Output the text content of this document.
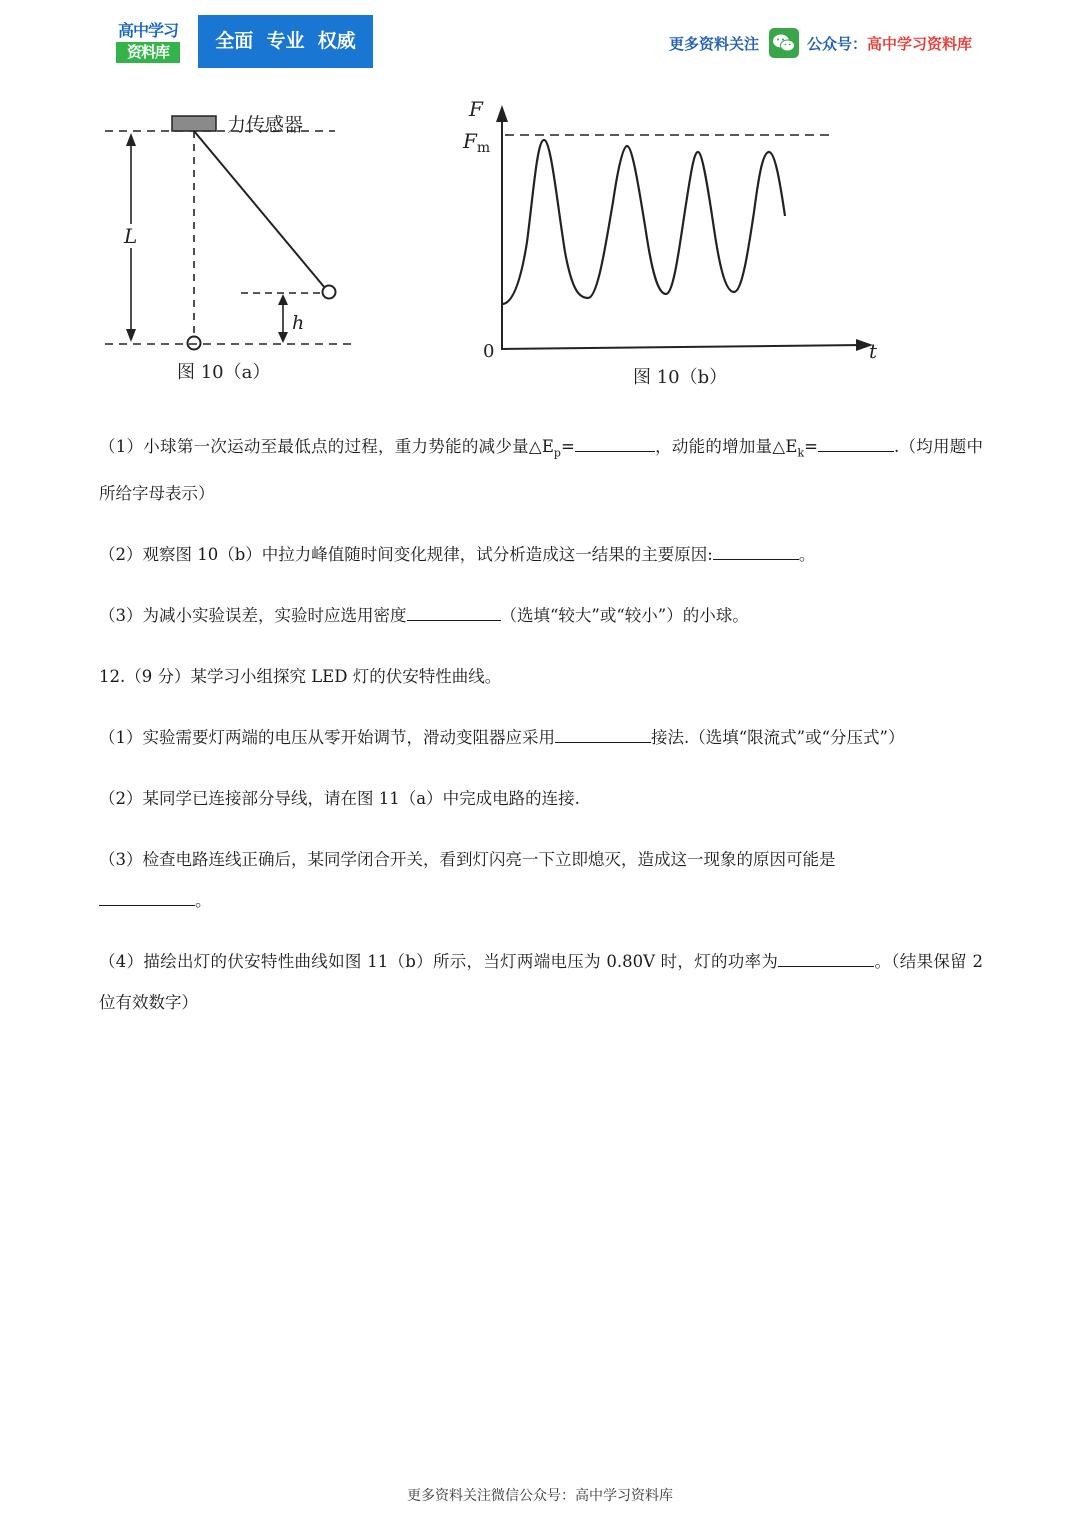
高中学习
资料库	全面  专业  权威	更多资料关注	公众号： 高中学习资料库
力传感器
L
h
图 10（a）
F
$F_m$
0	t
图 10（b）

（1）小球第一次运动至最低点的过程，重力势能的减少量$\triangle E_p=$	，动能的增加量$\triangle E_k=$	.（均用题中所给字母表示）

（2）观察图 10（b）中拉力峰值随时间变化规律，试分析造成这一结果的主要原因:	。

（3）为减小实验误差，实验时应选用密度	（选填“较大”或“较小”）的小球。

12.（9 分）某学习小组探究 LED 灯的伏安特性曲线。

（1）实验需要灯两端的电压从零开始调节，滑动变阻器应采用	接法.（选填“限流式”或“分压式”）

（2）某同学已连接部分导线，请在图 11（a）中完成电路的连接.

（3）检查电路连线正确后，某同学闭合开关，看到灯闪亮一下立即熄灭，造成这一现象的原因可能是
。

（4）描绘出灯的伏安特性曲线如图 11（b）所示，当灯两端电压为 0.80V 时，灯的功率为	。（结果保留 2 位有效数字）

更多资料关注微信公众号：高中学习资料库
